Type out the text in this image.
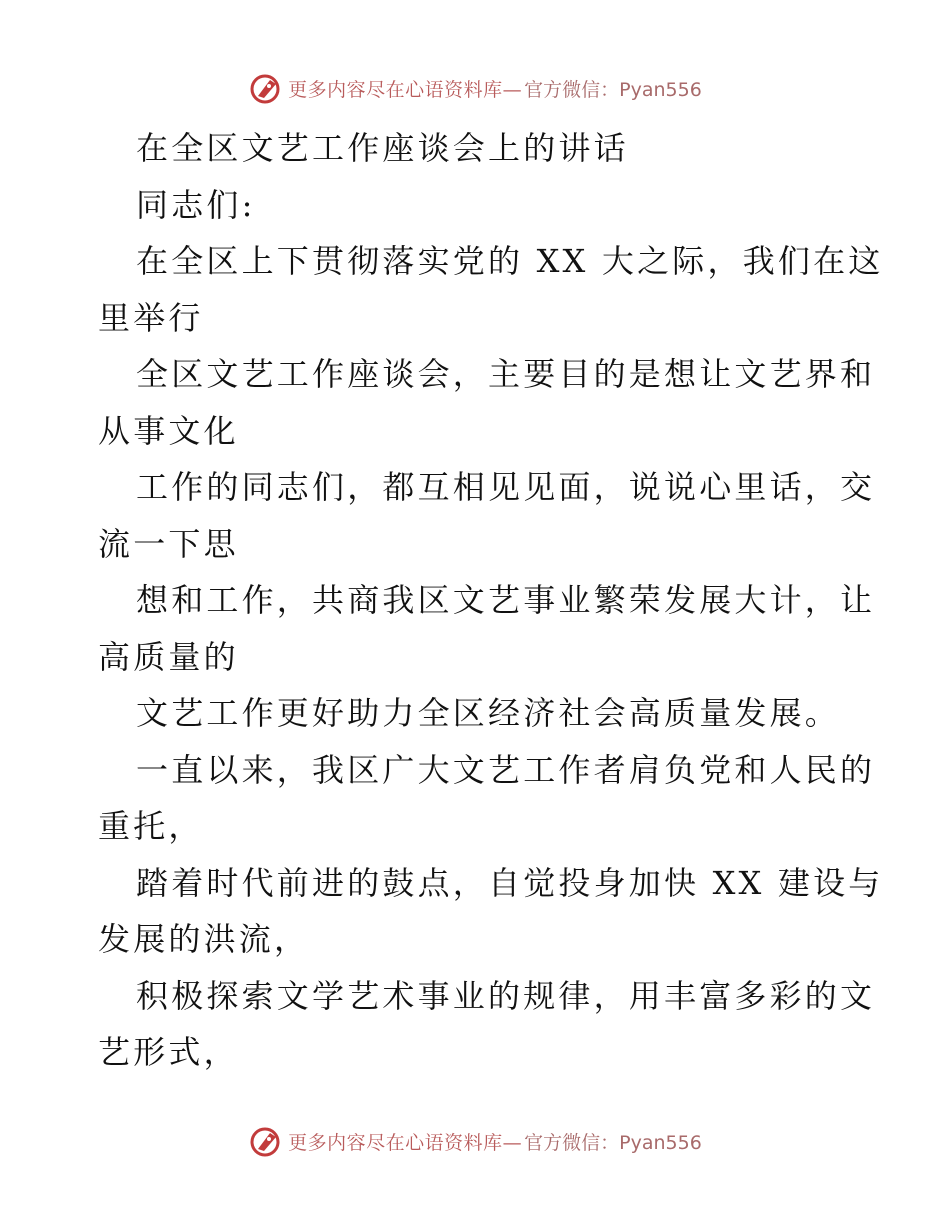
更多内容尽在心语资料库— 官方微信：Pyan556
在全区文艺工作座谈会上的讲话
同志们:
在全区上下贯彻落实党的 XX 大之际，我们在这
里举行
全区文艺工作座谈会，主要目的是想让文艺界和
从事文化
工作的同志们，都互相见见面，说说心里话，交
流一下思
想和工作，共商我区文艺事业繁荣发展大计，让
高质量的
文艺工作更好助力全区经济社会高质量发展。
一直以来，我区广大文艺工作者肩负党和人民的
重托，
踏着时代前进的鼓点，自觉投身加快 XX 建设与
发展的洪流，
积极探索文学艺术事业的规律，用丰富多彩的文
艺形式，
更多内容尽在心语资料库— 官方微信：Pyan556
